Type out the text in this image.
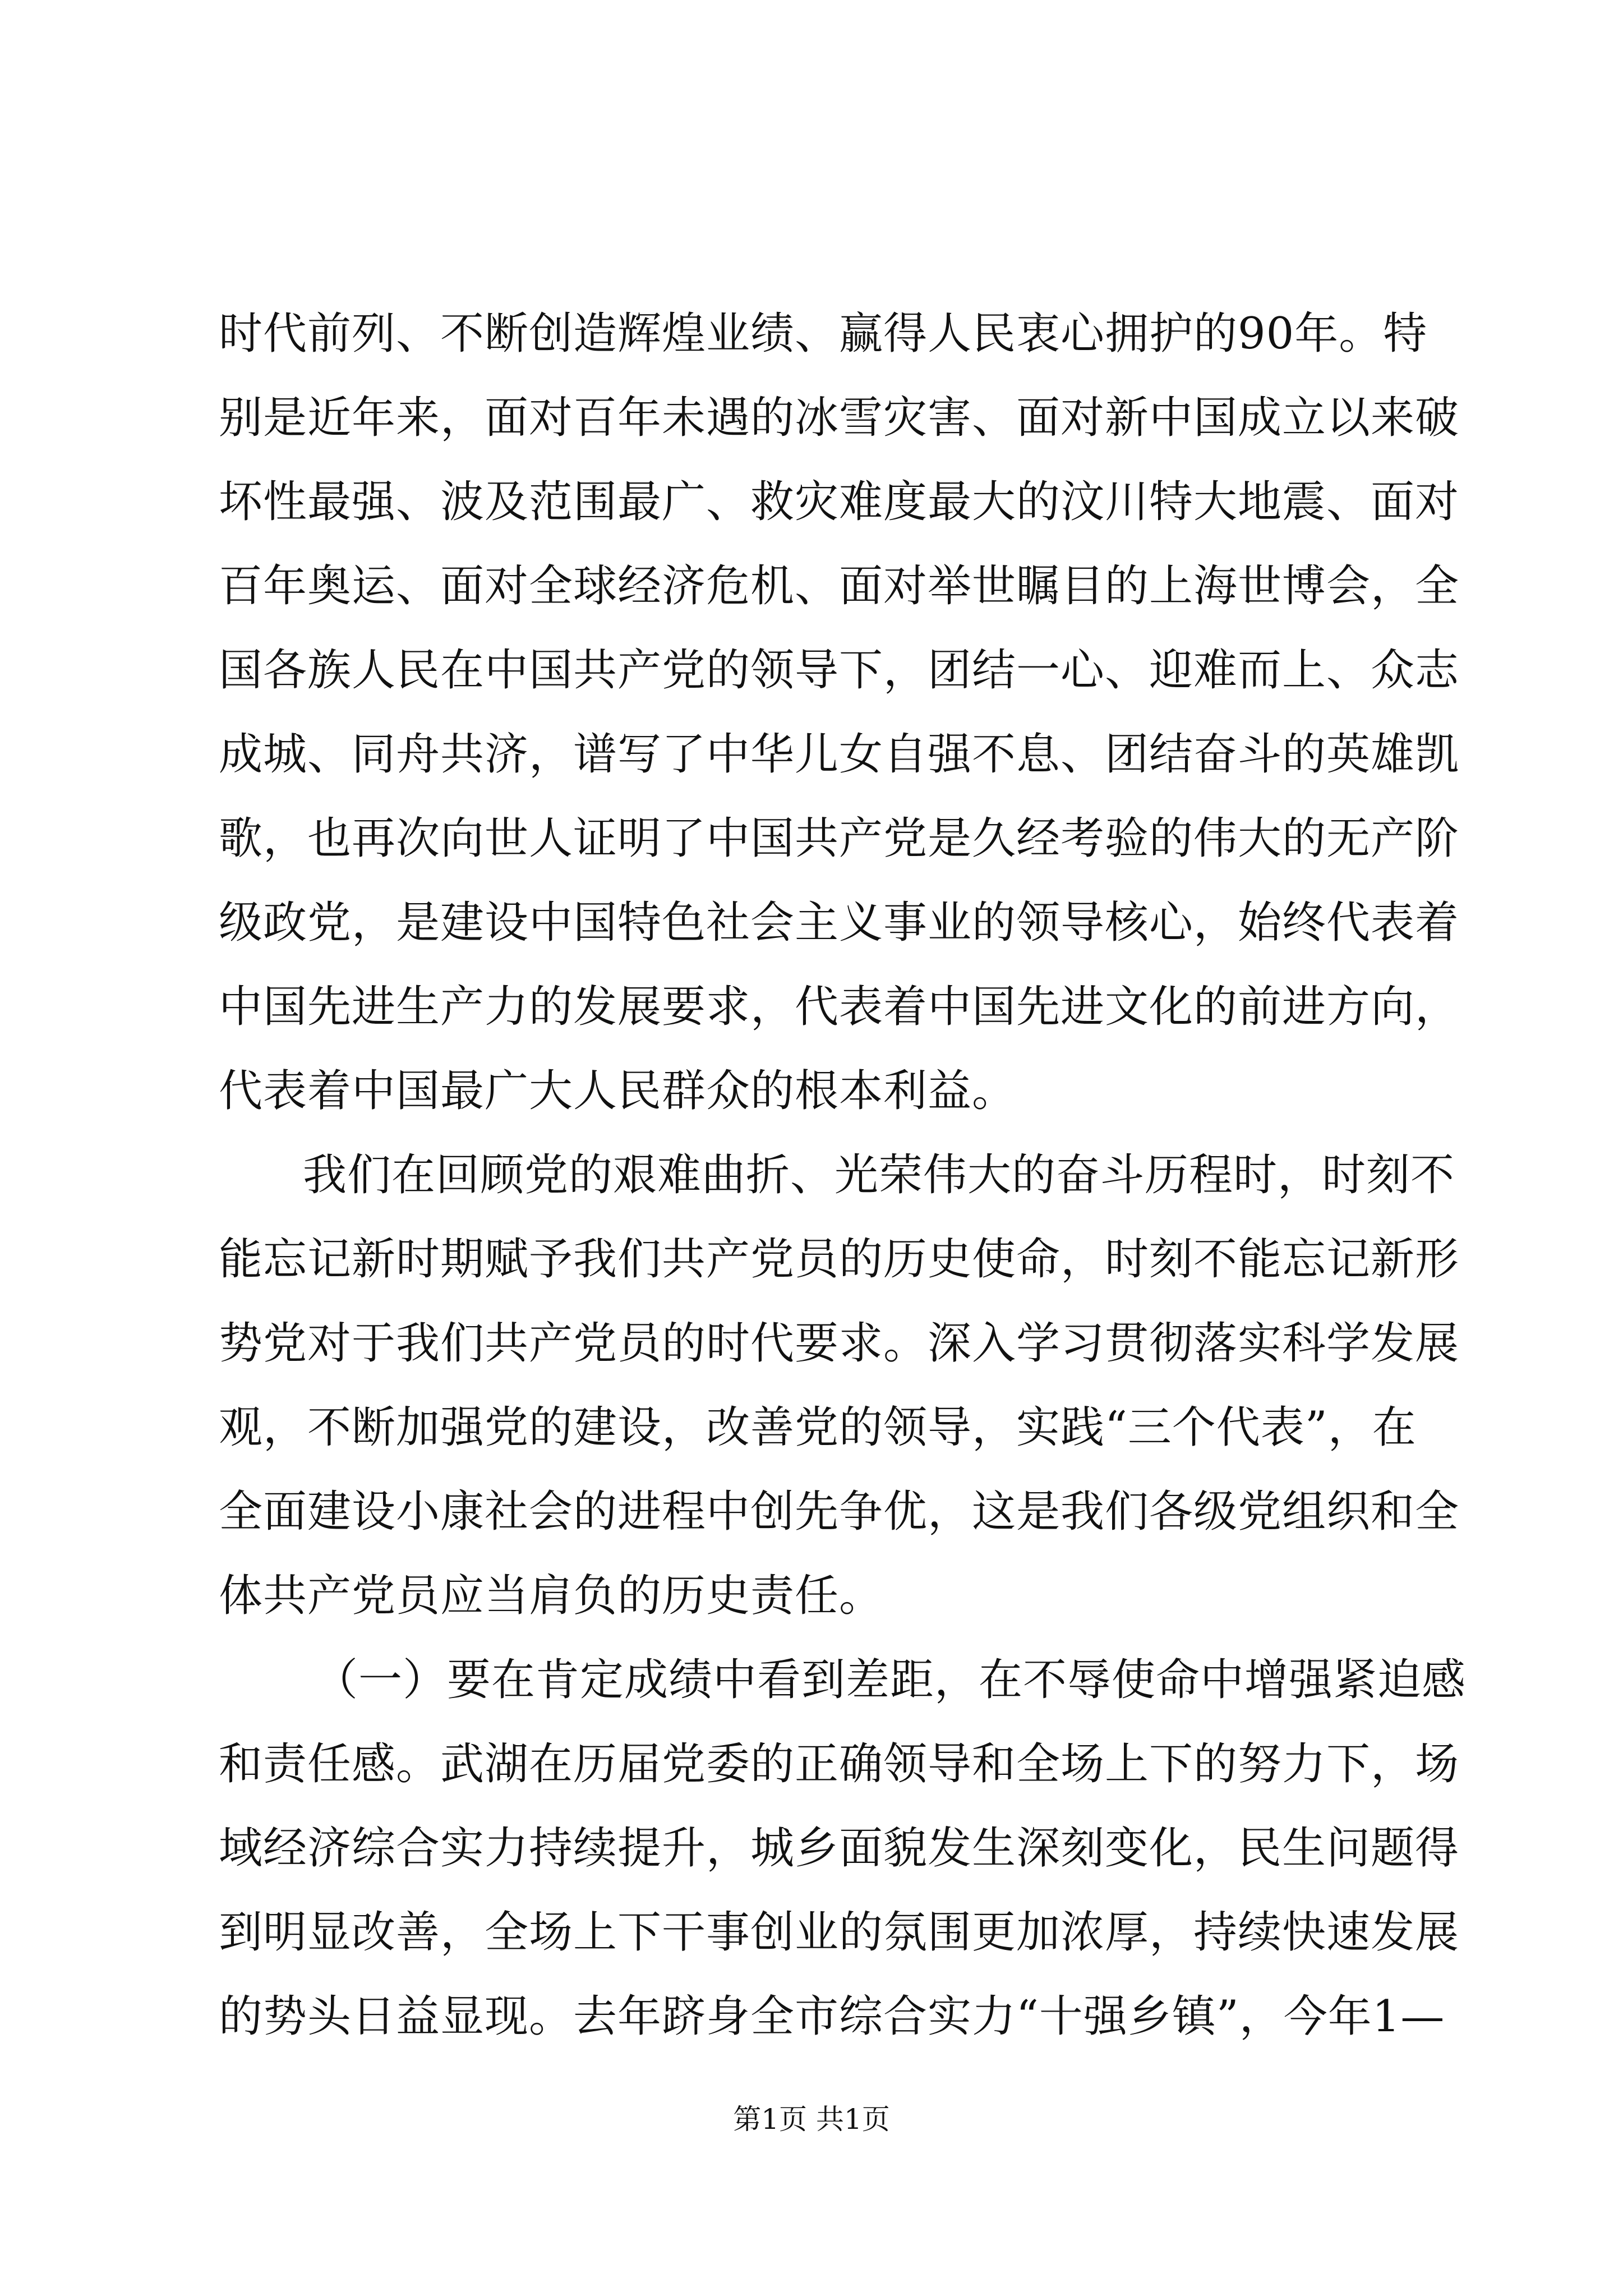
时代前列、不断创造辉煌业绩、赢得人民衷心拥护的90年。特
别是近年来，面对百年未遇的冰雪灾害、面对新中国成立以来破
坏性最强、波及范围最广、救灾难度最大的汶川特大地震、面对
百年奥运、面对全球经济危机、面对举世瞩目的上海世博会，全
国各族人民在中国共产党的领导下，团结一心、迎难而上、众志
成城、同舟共济，谱写了中华儿女自强不息、团结奋斗的英雄凯
歌，也再次向世人证明了中国共产党是久经考验的伟大的无产阶
级政党，是建设中国特色社会主义事业的领导核心，始终代表着
中国先进生产力的发展要求，代表着中国先进文化的前进方向，
代表着中国最广大人民群众的根本利益。
我们在回顾党的艰难曲折、光荣伟大的奋斗历程时，时刻不
能忘记新时期赋予我们共产党员的历史使命，时刻不能忘记新形
势党对于我们共产党员的时代要求。深入学习贯彻落实科学发展
观，不断加强党的建设，改善党的领导，实践“三个代表”，在
全面建设小康社会的进程中创先争优，这是我们各级党组织和全
体共产党员应当肩负的历史责任。
（一）要在肯定成绩中看到差距，在不辱使命中增强紧迫感
和责任感。武湖在历届党委的正确领导和全场上下的努力下，场
域经济综合实力持续提升，城乡面貌发生深刻变化，民生问题得
到明显改善，全场上下干事创业的氛围更加浓厚，持续快速发展
的势头日益显现。去年跻身全市综合实力“十强乡镇”，今年1—
第1页 共1页
